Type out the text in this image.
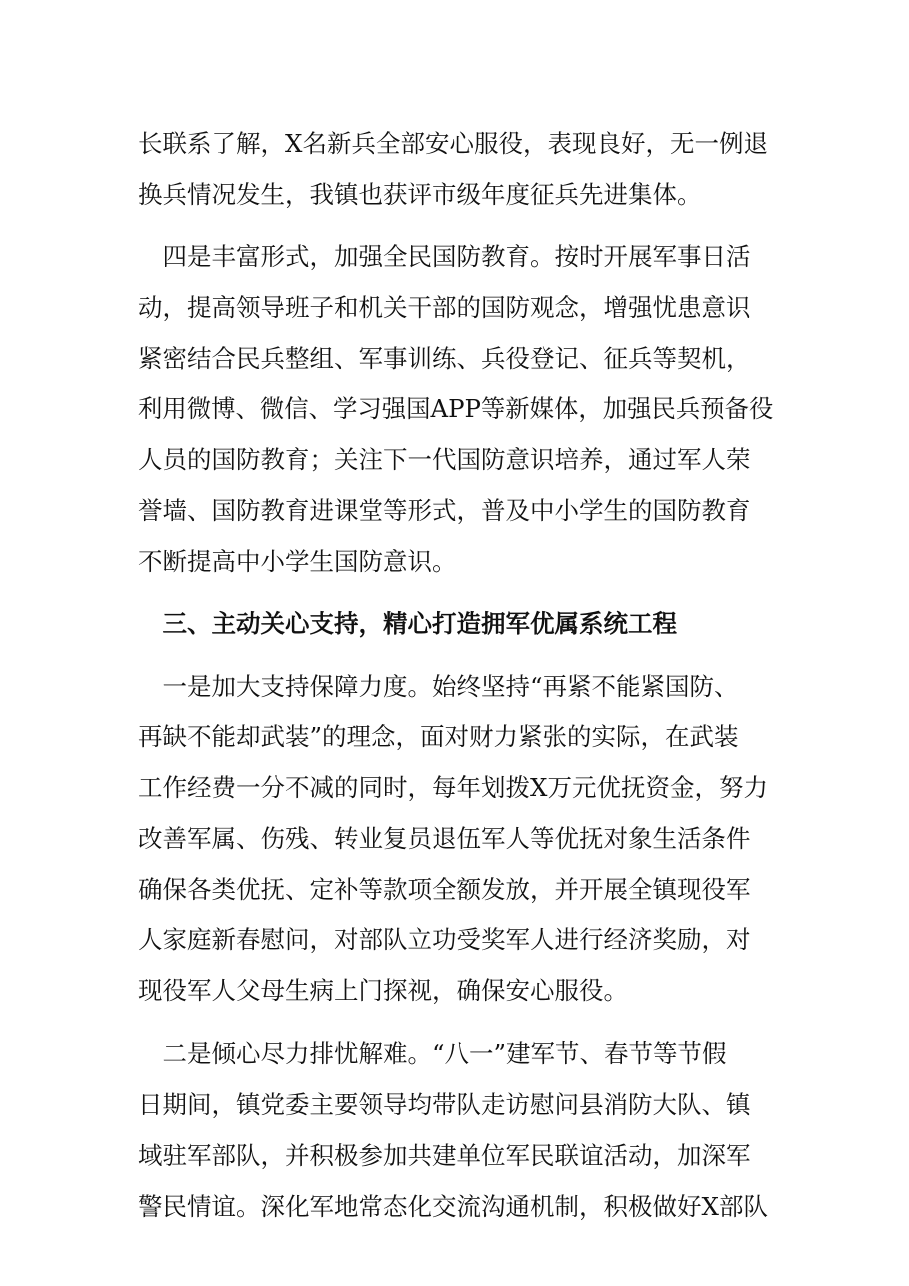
长联系了解，X名新兵全部安心服役，表现良好，无一例退
换兵情况发生，我镇也获评市级年度征兵先进集体。
　四是丰富形式，加强全民国防教育。按时开展军事日活
动，提高领导班子和机关干部的国防观念，增强忧患意识
紧密结合民兵整组、军事训练、兵役登记、征兵等契机，
利用微博、微信、学习强国APP等新媒体，加强民兵预备役
人员的国防教育；关注下一代国防意识培养，通过军人荣
誉墙、国防教育进课堂等形式，普及中小学生的国防教育
不断提高中小学生国防意识。
　三、主动关心支持，精心打造拥军优属系统工程
　一是加大支持保障力度。始终坚持“再紧不能紧国防、
再缺不能却武装”的理念，面对财力紧张的实际，在武装
工作经费一分不减的同时，每年划拨X万元优抚资金，努力
改善军属、伤残、转业复员退伍军人等优抚对象生活条件
确保各类优抚、定补等款项全额发放，并开展全镇现役军
人家庭新春慰问，对部队立功受奖军人进行经济奖励，对
现役军人父母生病上门探视，确保安心服役。
　二是倾心尽力排忧解难。“八一”建军节、春节等节假
日期间，镇党委主要领导均带队走访慰问县消防大队、镇
域驻军部队，并积极参加共建单位军民联谊活动，加深军
警民情谊。深化军地常态化交流沟通机制，积极做好X部队
